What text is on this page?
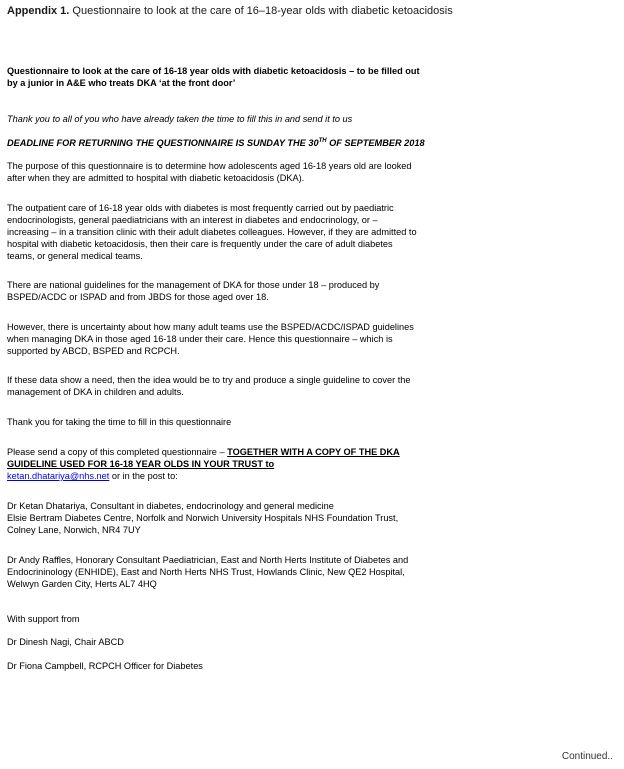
Appendix 1. Questionnaire to look at the care of 16–18-year olds with diabetic ketoacidosis
Questionnaire to look at the care of 16-18 year olds with diabetic ketoacidosis – to be filled out
by a junior in A&E who treats DKA ‘at the front door’
Thank you to all of you who have already taken the time to fill this in and send it to us
DEADLINE FOR RETURNING THE QUESTIONNAIRE IS SUNDAY THE 30TH OF SEPTEMBER 2018
The purpose of this questionnaire is to determine how adolescents aged 16-18 years old are looked
after when they are admitted to hospital with diabetic ketoacidosis (DKA).
The outpatient care of 16-18 year olds with diabetes is most frequently carried out by paediatric
endocrinologists, general paediatricians with an interest in diabetes and endocrinology, or –
increasing – in a transition clinic with their adult diabetes colleagues. However, if they are admitted to
hospital with diabetic ketoacidosis, then their care is frequently under the care of adult diabetes
teams, or general medical teams.
There are national guidelines for the management of DKA for those under 18 – produced by
BSPED/ACDC or ISPAD and from JBDS for those aged over 18.
However, there is uncertainty about how many adult teams use the BSPED/ACDC/ISPAD guidelines
when managing DKA in those aged 16-18 under their care. Hence this questionnaire – which is
supported by ABCD, BSPED and RCPCH.
If these data show a need, then the idea would be to try and produce a single guideline to cover the
management of DKA in children and adults.
Thank you for taking the time to fill in this questionnaire
Please send a copy of this completed questionnaire – TOGETHER WITH A COPY OF THE DKA
GUIDELINE USED FOR 16-18 YEAR OLDS IN YOUR TRUST to
ketan.dhatariya@nhs.net or in the post to:
Dr Ketan Dhatariya, Consultant in diabetes, endocrinology and general medicine
Elsie Bertram Diabetes Centre, Norfolk and Norwich University Hospitals NHS Foundation Trust,
Colney Lane, Norwich, NR4 7UY
Dr Andy Raffles, Honorary Consultant Paediatrician, East and North Herts Institute of Diabetes and
Endocrininology (ENHIDE), East and North Herts NHS Trust, Howlands Clinic, New QE2 Hospital,
Welwyn Garden City, Herts AL7 4HQ
With support from
Dr Dinesh Nagi, Chair ABCD
Dr Fiona Campbell, RCPCH Officer for Diabetes
Continued..
